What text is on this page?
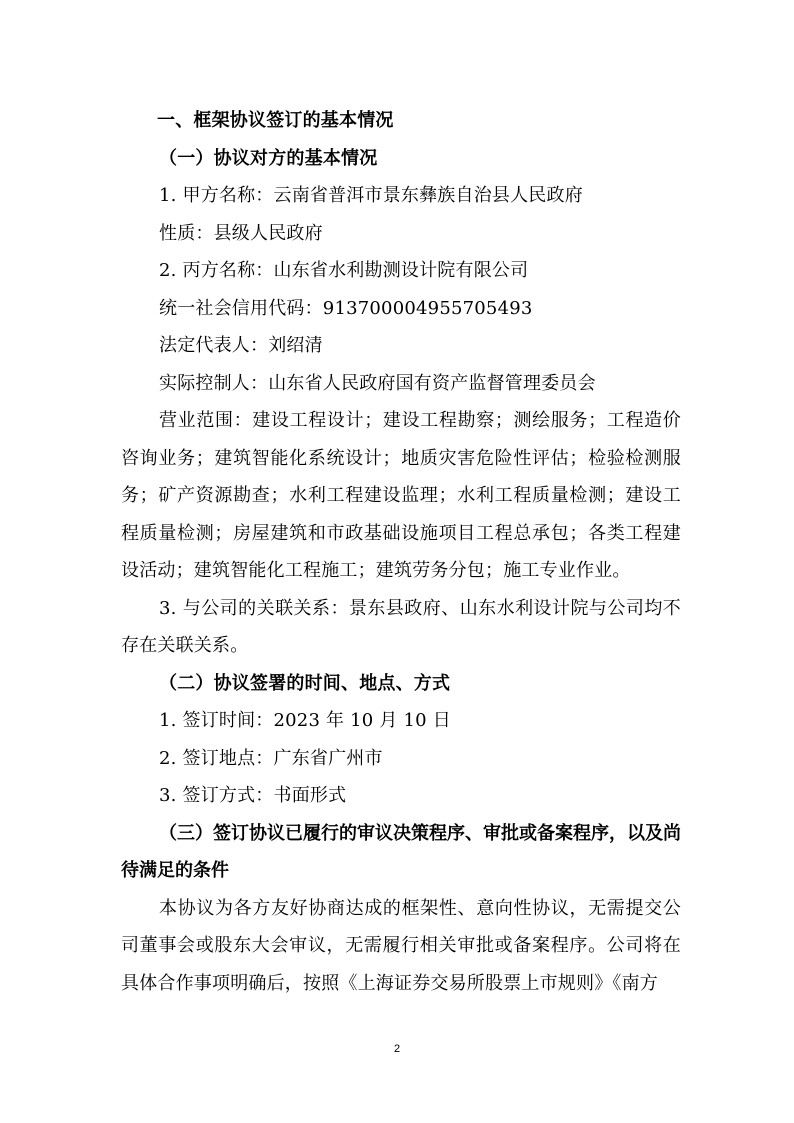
一、框架协议签订的基本情况
（一）协议对方的基本情况
1. 甲方名称：云南省普洱市景东彝族自治县人民政府
性质：县级人民政府
2. 丙方名称：山东省水利勘测设计院有限公司
统一社会信用代码：913700004955705493
法定代表人：刘绍清
实际控制人：山东省人民政府国有资产监督管理委员会
营业范围：建设工程设计；建设工程勘察；测绘服务；工程造价咨询业务；建筑智能化系统设计；地质灾害危险性评估；检验检测服务；矿产资源勘查；水利工程建设监理；水利工程质量检测；建设工程质量检测；房屋建筑和市政基础设施项目工程总承包；各类工程建设活动；建筑智能化工程施工；建筑劳务分包；施工专业作业。
3. 与公司的关联关系：景东县政府、山东水利设计院与公司均不存在关联关系。
（二）协议签署的时间、地点、方式
1. 签订时间：2023 年 10 月 10 日
2. 签订地点：广东省广州市
3. 签订方式：书面形式
（三）签订协议已履行的审议决策程序、审批或备案程序，以及尚待满足的条件
本协议为各方友好协商达成的框架性、意向性协议，无需提交公司董事会或股东大会审议，无需履行相关审批或备案程序。公司将在具体合作事项明确后，按照《上海证券交易所股票上市规则》《南方
2
